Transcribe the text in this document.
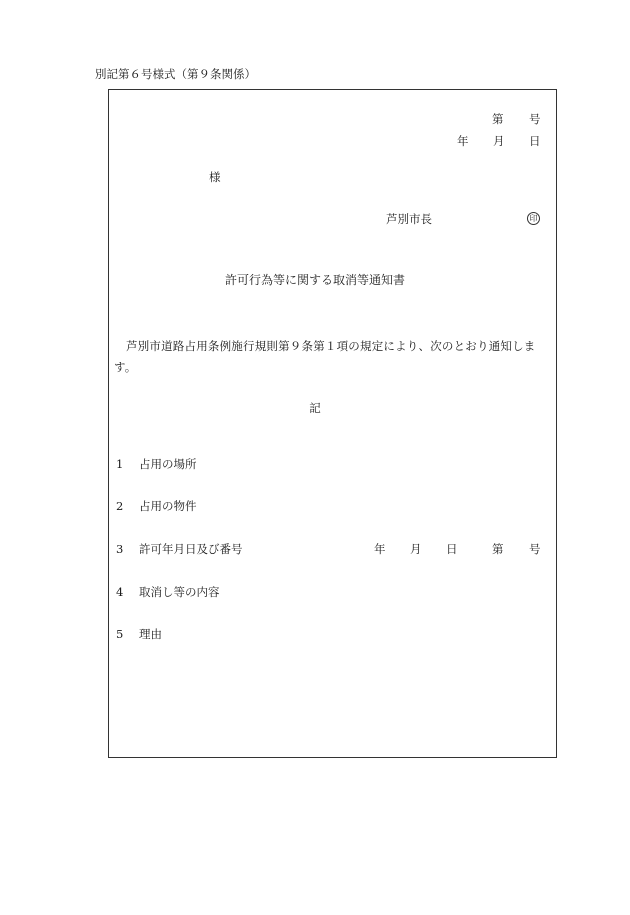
別記第６号様式（第９条関係）
第 号
年 月 日
様
芦別市長	印
許可行為等に関する取消等通知書
芦別市道路占用条例施行規則第９条第１項の規定により、次のとおり通知します。
記
1 占用の場所
2 占用の物件
3 許可年月日及び番号	年 月 日	第 号
4 取消し等の内容
5 理由
